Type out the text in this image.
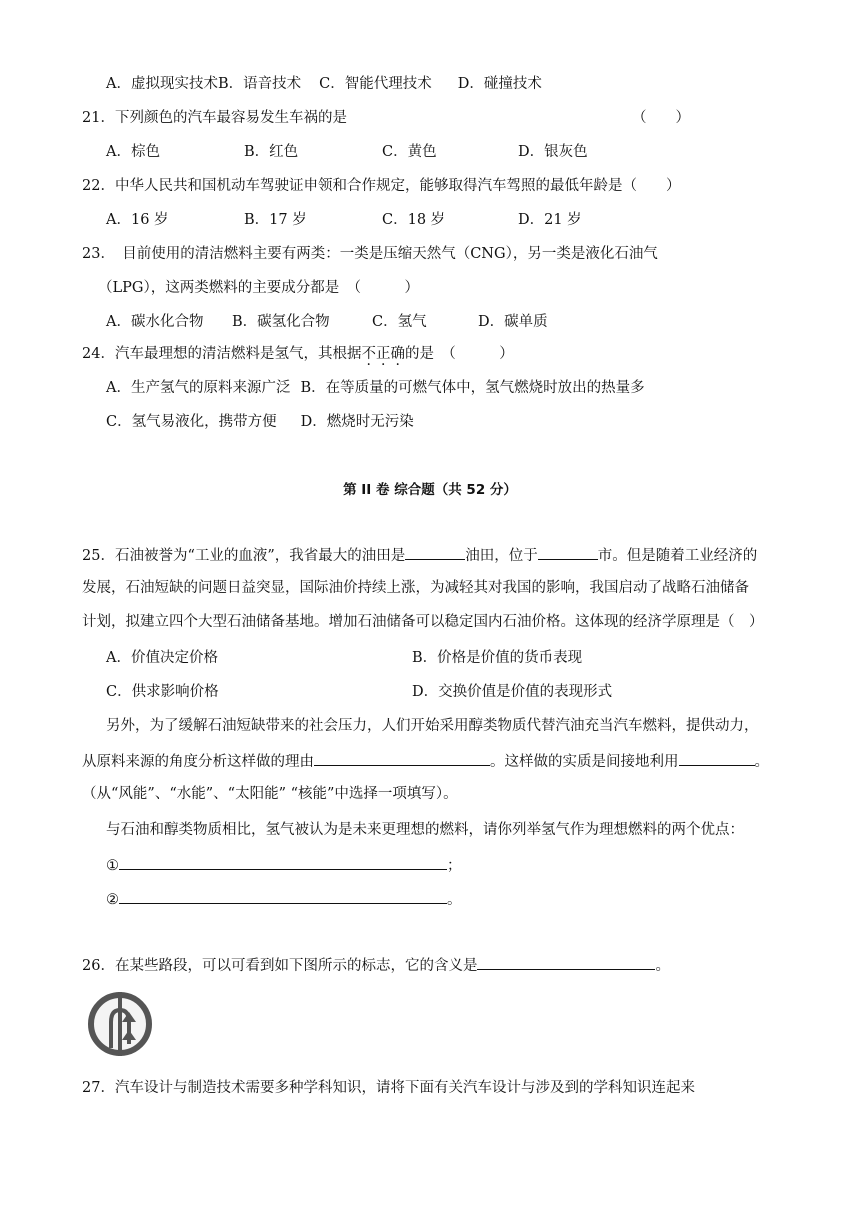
A．虚拟现实技术B．语音技术 C．智能代理技术 D．碰撞技术
21．下列颜色的汽车最容易发生车祸的是	（　　）
A．棕色	B．红色	C．黄色	D．银灰色
22．中华人民共和国机动车驾驶证申领和合作规定，能够取得汽车驾照的最低年龄是（　　）
A．16 岁	B．17 岁	C．18 岁	D．21 岁
23．　目前使用的清洁燃料主要有两类：一类是压缩天然气（CNG），另一类是液化石油气
（LPG），这两类燃料的主要成分都是　（　　　）
A．碳水化合物 B．碳氢化合物	C．氢气	D．碳单质
24．汽车最理想的清洁燃料是氢气，其根据不正确的是　（　　　）
A．生产氢气的原料来源广泛 B．在等质量的可燃气体中，氢气燃烧时放出的热量多
C．氢气易液化，携带方便 D．燃烧时无污染
第 II 卷 综合题（共 52 分）
25．石油被誉为“工业的血液”，我省最大的油田是	油田，位于	市。但是随着工业经济的
发展，石油短缺的问题日益突显，国际油价持续上涨，为减轻其对我国的影响，我国启动了战略石油储备
计划，拟建立四个大型石油储备基地。增加石油储备可以稳定国内石油价格。这体现的经济学原理是（　）
A．价值决定价格	B．价格是价值的货币表现
C．供求影响价格	D．交换价值是价值的表现形式
另外，为了缓解石油短缺带来的社会压力，人们开始采用醇类物质代替汽油充当汽车燃料，提供动力，
从原料来源的角度分析这样做的理由	。这样做的实质是间接地利用	。
（从“风能”、“水能”、“太阳能” “核能”中选择一项填写）。
与石油和醇类物质相比，氢气被认为是未来更理想的燃料，请你列举氢气作为理想燃料的两个优点：
①	；
②	。
26．在某些路段，可以可看到如下图所示的标志，它的含义是	。
27．汽车设计与制造技术需要多种学科知识，请将下面有关汽车设计与涉及到的学科知识连起来
